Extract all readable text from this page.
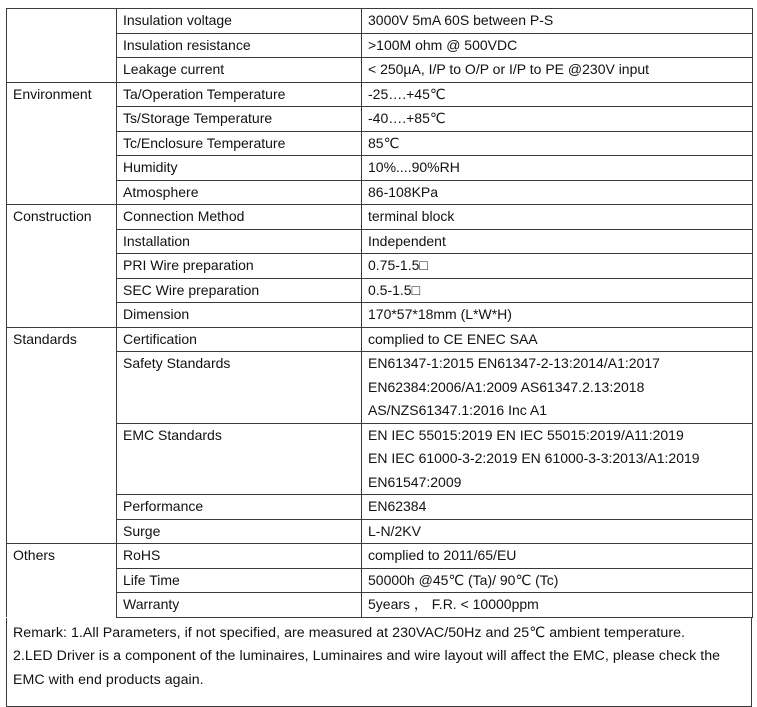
	Insulation voltage	3000V 5mA 60S between P-S

	Insulation resistance	>100M ohm @ 500VDC

	Leakage current	< 250µA, I/P to O/P or I/P to PE @230V input

Environment	Ta/Operation Temperature	-25….+45℃

	Ts/Storage Temperature	-40….+85℃

	Tc/Enclosure Temperature	85℃

	Humidity	10%....90%RH

	Atmosphere	86-108KPa

Construction	Connection Method	terminal block

	Installation	Independent

	PRI Wire preparation	0.75-1.5□

	SEC Wire preparation	0.5-1.5□

	Dimension	170*57*18mm (L*W*H)

Standards	Certification	complied to CE ENEC SAA

	Safety Standards	EN61347-1:2015 EN61347-2-13:2014/A1:2017
EN62384:2006/A1:2009 AS61347.2.13:2018
AS/NZS61347.1:2016 Inc A1

	EMC Standards	EN IEC 55015:2019 EN IEC 55015:2019/A11:2019
EN IEC 61000-3-2:2019 EN 61000-3-3:2013/A1:2019
EN61547:2009

	Performance	EN62384

	Surge	L-N/2KV

Others	RoHS	complied to 2011/65/EU

	Life Time	50000h @45℃ (Ta)/ 90℃ (Tc)

	Warranty	5years ， F.R. < 10000ppm
Remark: 1.All Parameters, if not specified, are measured at 230VAC/50Hz and 25℃ ambient temperature.
2.LED Driver is a component of the luminaires, Luminaires and wire layout will affect the EMC, please check the
EMC with end products again.
